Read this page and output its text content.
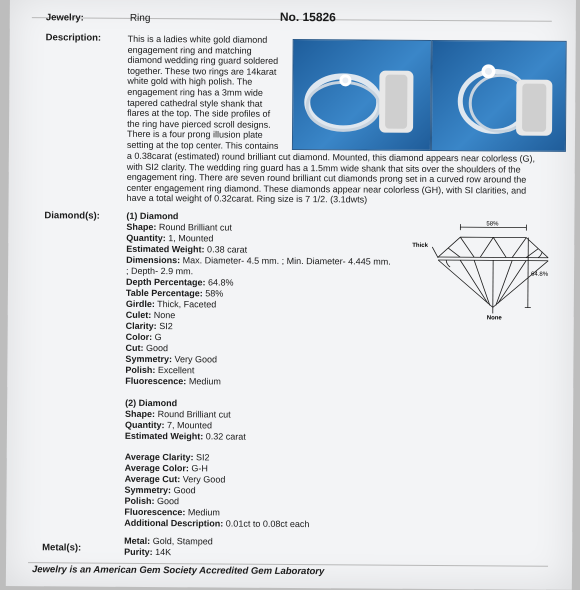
Jewelry:	Ring	No. 15826
Description:	This is a ladies white gold diamond
engagement ring and matching
diamond wedding ring guard soldered
together. These two rings are 14karat
white gold with high polish. The
engagement ring has a 3mm wide
tapered cathedral style shank that
flares at the top. The side profiles of
the ring have pierced scroll designs.
There is a four prong illusion plate
setting at the top center. This contains
a 0.38carat (estimated) round brilliant cut diamond. Mounted, this diamond appears near colorless (G),
with SI2 clarity. The wedding ring guard has a 1.5mm wide shank that sits over the shoulders of the
engagement ring. There are seven round brilliant cut diamonds prong set in a curved row around the
center engagement ring diamond. These diamonds appear near colorless (GH), with SI clarities, and
have a total weight of 0.32carat. Ring size is 7 1/2. (3.1dwts)
Diamond(s):	(1) Diamond
Shape: Round Brilliant cut
Quantity: 1, Mounted
Estimated Weight: 0.38 carat
Dimensions: Max. Diameter- 4.5 mm. ; Min. Diameter- 4.445 mm.
; Depth- 2.9 mm.
Depth Percentage: 64.8%
Table Percentage: 58%
Girdle: Thick, Faceted
Culet: None
Clarity: SI2
Color: G
Cut: Good
Symmetry: Very Good
Polish: Excellent
Fluorescence: Medium
(2) Diamond
Shape: Round Brilliant cut
Quantity: 7, Mounted
Estimated Weight: 0.32 carat
Average Clarity: SI2
Average Color: G-H
Average Cut: Very Good
Symmetry: Good
Polish: Good
Fluorescence: Medium
Additional Description: 0.01ct to 0.08ct each
58%
64.8%
Thick
None
Metal(s):
Metal: Gold, Stamped
Purity: 14K
Jewelry is an American Gem Society Accredited Gem Laboratory
